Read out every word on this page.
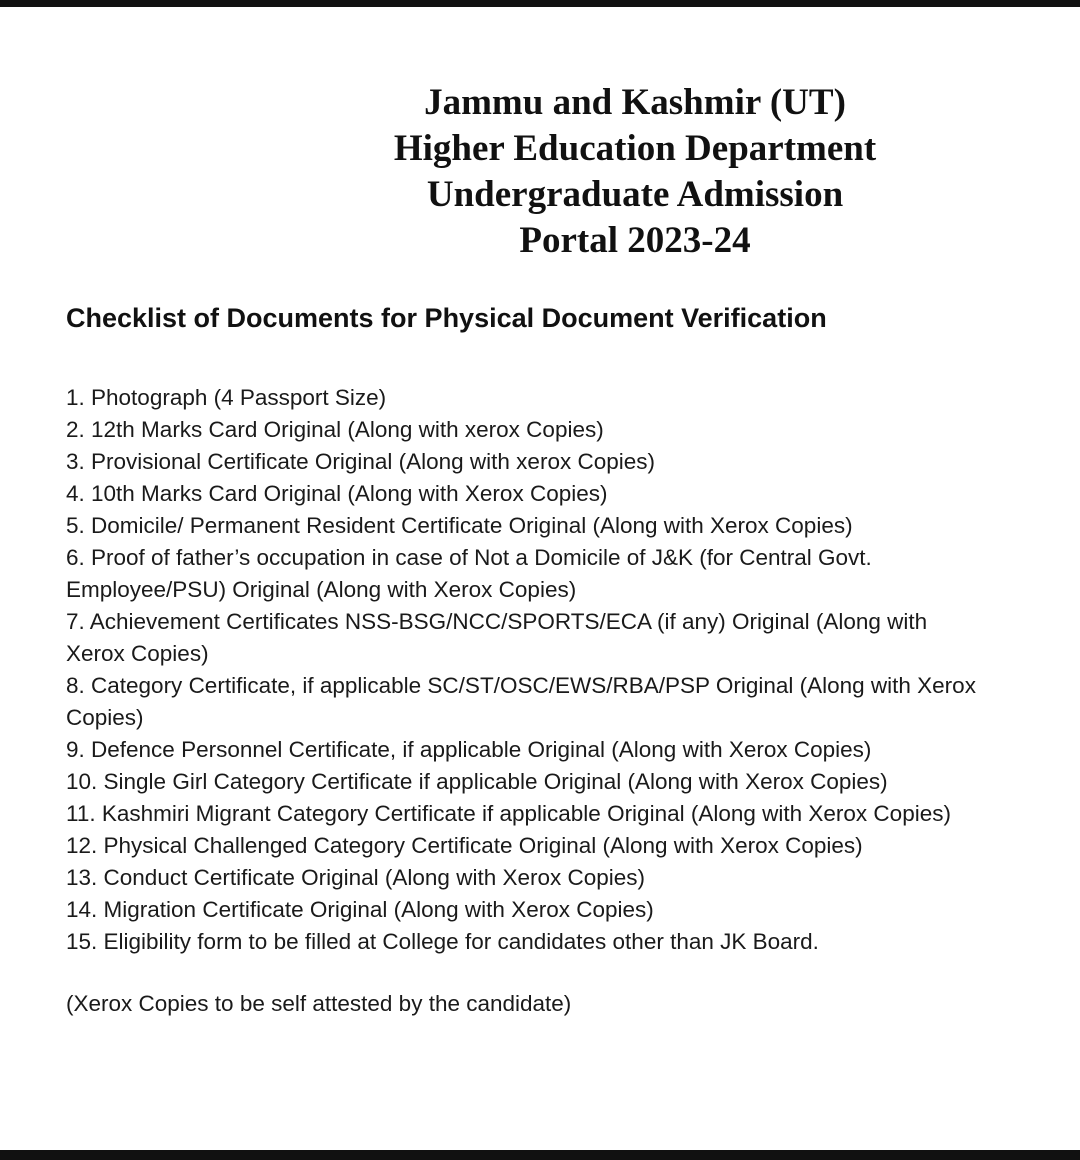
Jammu and Kashmir (UT)
Higher Education Department
Undergraduate Admission
Portal 2023-24
Checklist of Documents for Physical Document Verification
1. Photograph (4 Passport Size)
2. 12th Marks Card Original (Along with xerox Copies)
3. Provisional Certificate Original (Along with xerox Copies)
4. 10th Marks Card Original (Along with Xerox Copies)
5. Domicile/ Permanent Resident Certificate Original (Along with Xerox Copies)
6. Proof of father’s occupation in case of Not a Domicile of J&K (for Central Govt.
Employee/PSU) Original (Along with Xerox Copies)
7. Achievement Certificates NSS-BSG/NCC/SPORTS/ECA (if any) Original (Along with
Xerox Copies)
8. Category Certificate, if applicable SC/ST/OSC/EWS/RBA/PSP Original (Along with Xerox
Copies)
9. Defence Personnel Certificate, if applicable Original (Along with Xerox Copies)
10. Single Girl Category Certificate if applicable Original (Along with Xerox Copies)
11. Kashmiri Migrant Category Certificate if applicable Original (Along with Xerox Copies)
12. Physical Challenged Category Certificate Original (Along with Xerox Copies)
13. Conduct Certificate Original (Along with Xerox Copies)
14. Migration Certificate Original (Along with Xerox Copies)
15. Eligibility form to be filled at College for candidates other than JK Board.
(Xerox Copies to be self attested by the candidate)
